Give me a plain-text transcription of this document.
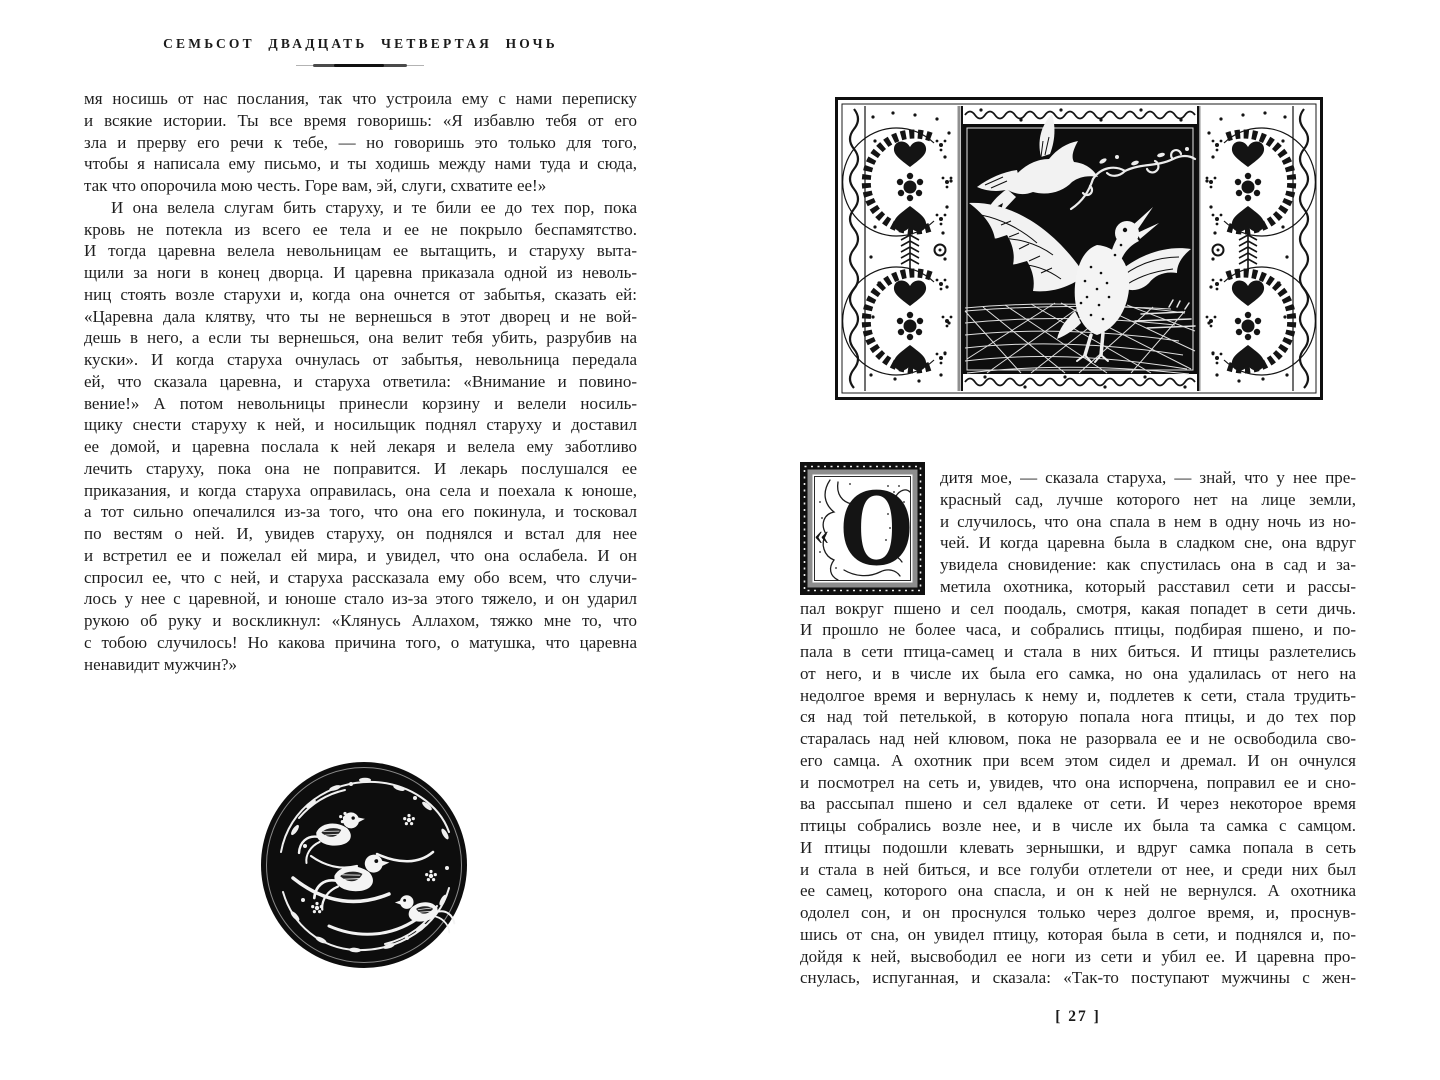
СЕМЬСОТ ДВАДЦАТЬ ЧЕТВЕРТАЯ НОЧЬ
мя носишь от нас послания, так что устроила ему с нами переписку
и всякие истории. Ты все время говоришь: «Я избавлю тебя от его
зла и прерву его речи к тебе, — но говоришь это только для того,
чтобы я написала ему письмо, и ты ходишь между нами туда и сюда,
так что опорочила мою честь. Горе вам, эй, слуги, схватите ее!»
И она велела слугам бить старуху, и те били ее до тех пор, пока
кровь не потекла из всего ее тела и ее не покрыло беспамятство.
И тогда царевна велела невольницам ее вытащить, и старуху выта-
щили за ноги в конец дворца. И царевна приказала одной из неволь-
ниц стоять возле старухи и, когда она очнется от забытья, сказать ей:
«Царевна дала клятву, что ты не вернешься в этот дворец и не вой-
дешь в него, а если ты вернешься, она велит тебя убить, разрубив на
куски». И когда старуха очнулась от забытья, невольница передала
ей, что сказала царевна, и старуха ответила: «Внимание и повино-
вение!» А потом невольницы принесли корзину и велели носиль-
щику снести старуху к ней, и носильщик поднял старуху и доставил
ее домой, и царевна послала к ней лекаря и велела ему заботливо
лечить старуху, пока она не поправится. И лекарь послушался ее
приказания, и когда старуха оправилась, она села и поехала к юноше,
а тот сильно опечалился из-за того, что она его покинула, и тосковал
по вестям о ней. И, увидев старуху, он поднялся и встал для нее
и встретил ее и пожелал ей мира, и увидел, что она ослабела. И он
спросил ее, что с ней, и старуха рассказала ему обо всем, что случи-
лось у нее с царевной, и юноше стало из-за этого тяжело, и он ударил
рукою об руку и воскликнул: «Клянусь Аллахом, тяжко мне то, что
с тобою случилось! Но какова причина того, о матушка, что царевна
ненавидит мужчин?»
« О дитя мое, — сказала старуха, — знай, что у нее пре-
красный сад, лучше которого нет на лице земли,
и случилось, что она спала в нем в одну ночь из но-
чей. И когда царевна была в сладком сне, она вдруг
увидела сновидение: как спустилась она в сад и за-
метила охотника, который расставил сети и рассы-
пал вокруг пшено и сел поодаль, смотря, какая попадет в сети дичь.
И прошло не более часа, и собрались птицы, подбирая пшено, и по-
пала в сети птица-самец и стала в них биться. И птицы разлетелись
от него, и в числе их была его самка, но она удалилась от него на
недолгое время и вернулась к нему и, подлетев к сети, стала трудить-
ся над той петелькой, в которую попала нога птицы, и до тех пор
старалась над ней клювом, пока не разорвала ее и не освободила сво-
его самца. А охотник при всем этом сидел и дремал. И он очнулся
и посмотрел на сеть и, увидев, что она испорчена, поправил ее и сно-
ва рассыпал пшено и сел вдалеке от сети. И через некоторое время
птицы собрались возле нее, и в числе их была та самка с самцом.
И птицы подошли клевать зернышки, и вдруг самка попала в сеть
и стала в ней биться, и все голуби отлетели от нее, и среди них был
ее самец, которого она спасла, и он к ней не вернулся. А охотника
одолел сон, и он проснулся только через долгое время, и, проснув-
шись от сна, он увидел птицу, которая была в сети, и поднялся и, по-
дойдя к ней, высвободил ее ноги из сети и убил ее. И царевна про-
снулась, испуганная, и сказала: «Так-то поступают мужчины с жен-
[ 27 ]
